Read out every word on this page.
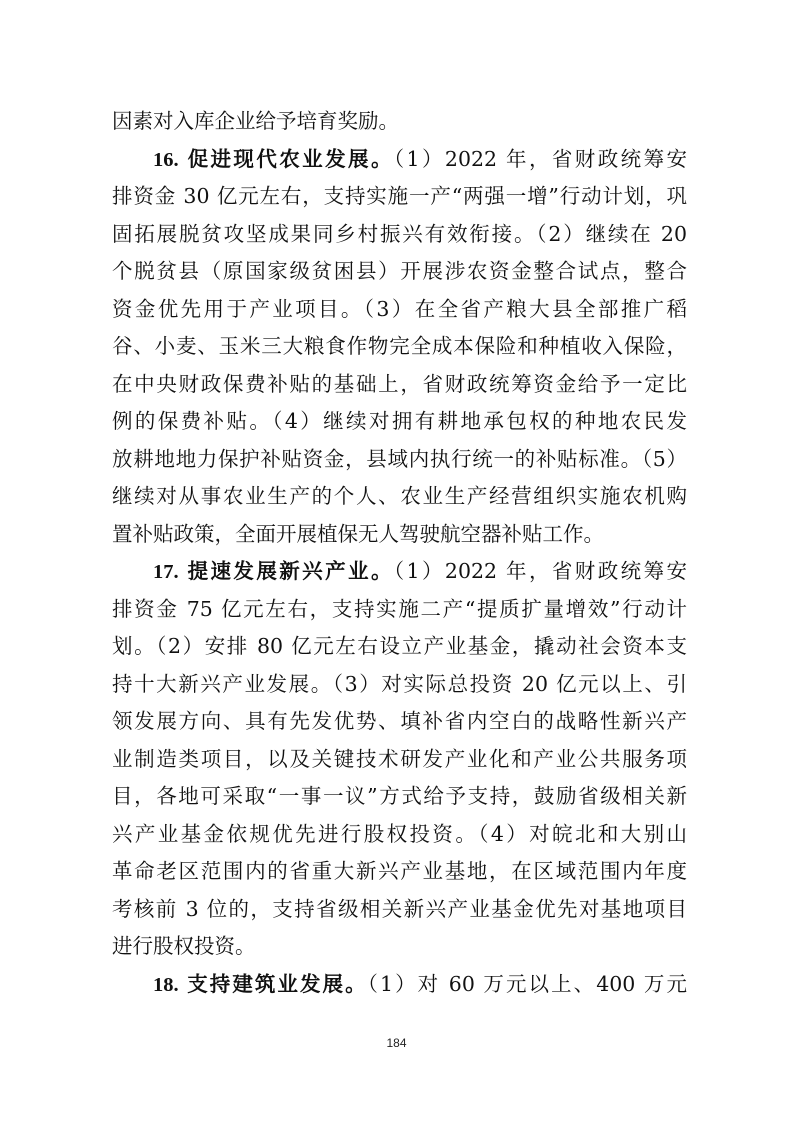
因素对入库企业给予培育奖励。
16. 促进现代农业发展。（1）2022 年，省财政统筹安
排资金 30 亿元左右，支持实施一产“两强一增”行动计划，巩
固拓展脱贫攻坚成果同乡村振兴有效衔接。（2）继续在 20
个脱贫县（原国家级贫困县）开展涉农资金整合试点，整合
资金优先用于产业项目。（3）在全省产粮大县全部推广稻
谷、小麦、玉米三大粮食作物完全成本保险和种植收入保险，
在中央财政保费补贴的基础上，省财政统筹资金给予一定比
例的保费补贴。（4）继续对拥有耕地承包权的种地农民发
放耕地地力保护补贴资金，县域内执行统一的补贴标准。（5）
继续对从事农业生产的个人、农业生产经营组织实施农机购
置补贴政策，全面开展植保无人驾驶航空器补贴工作。
17. 提速发展新兴产业。（1）2022 年，省财政统筹安
排资金 75 亿元左右，支持实施二产“提质扩量增效”行动计
划。（2）安排 80 亿元左右设立产业基金，撬动社会资本支
持十大新兴产业发展。（3）对实际总投资 20 亿元以上、引
领发展方向、具有先发优势、填补省内空白的战略性新兴产
业制造类项目，以及关键技术研发产业化和产业公共服务项
目，各地可采取“一事一议”方式给予支持，鼓励省级相关新
兴产业基金依规优先进行股权投资。（4）对皖北和大别山
革命老区范围内的省重大新兴产业基地，在区域范围内年度
考核前 3 位的，支持省级相关新兴产业基金优先对基地项目
进行股权投资。
18. 支持建筑业发展。（1）对 60 万元以上、400 万元
184
